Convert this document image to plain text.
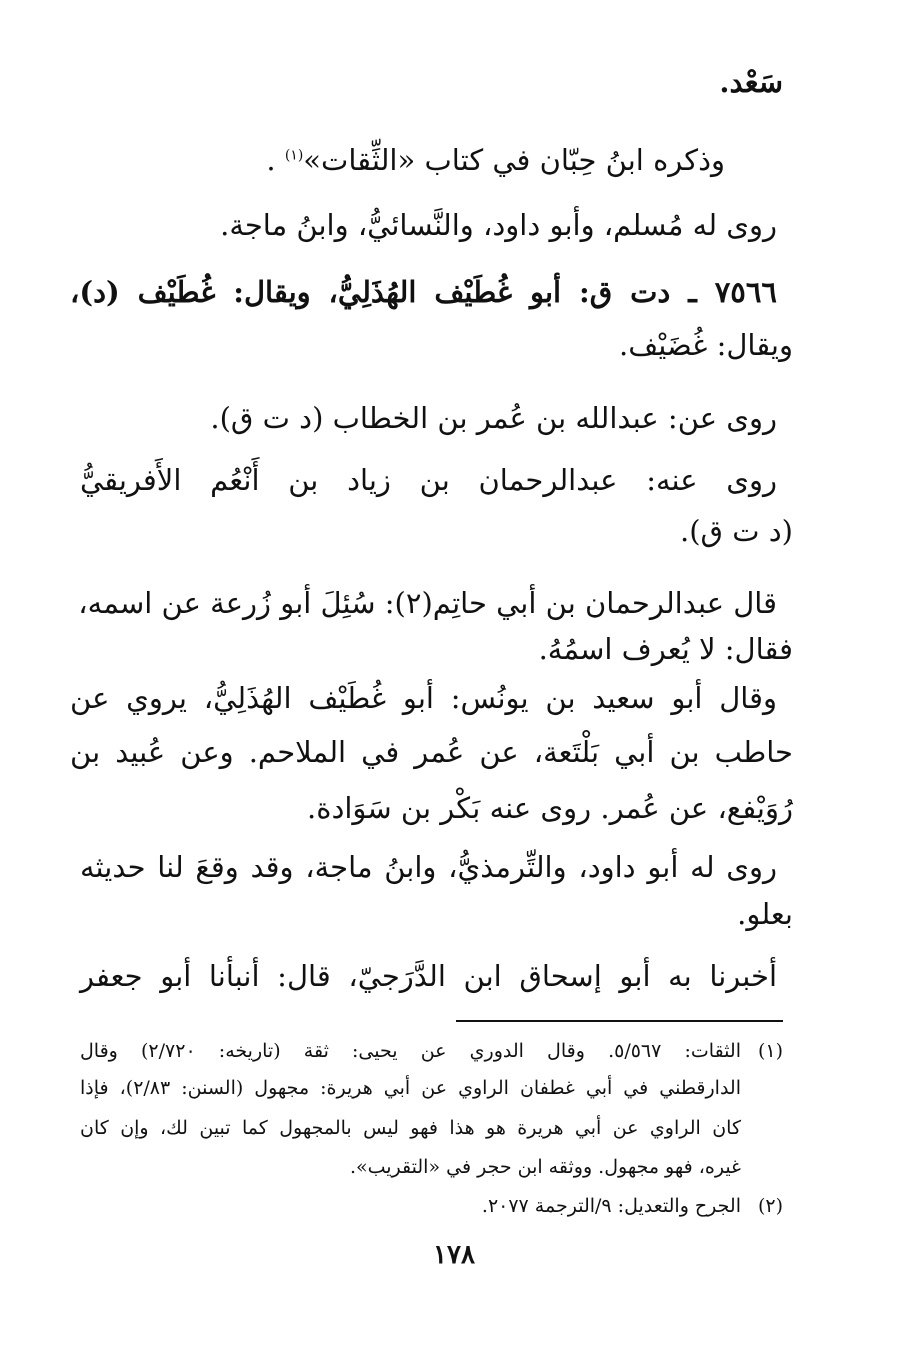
سَعْد.
وذكره ابنُ حِبّان في كتاب «الثِّقات»$^{(١)}$ .
روى له مُسلم، وأبو داود، والنَّسائيُّ، وابنُ ماجة.
٧٥٦٦ ـ دت ق: أبو غُطَيْف الهُذَلِيُّ، ويقال: غُطَيْف (د)،
ويقال: غُضَيْف.
روى عن: عبدالله بن عُمر بن الخطاب (د ت ق).
روى عنه: عبدالرحمان بن زياد بن أَنْعُم الأَفريقيُّ
(د ت ق).
قال عبدالرحمان بن أبي حاتِم(٢): سُئِلَ أبو زُرعة عن اسمه،
فقال: لا يُعرف اسمُهُ.
وقال أبو سعيد بن يونُس: أبو غُطَيْف الهُذَلِيُّ، يروي عن
حاطب بن أبي بَلْتَعة، عن عُمر في الملاحم. وعن عُبيد بن
رُوَيْفع، عن عُمر. روى عنه بَكْر بن سَوَادة.
روى له أبو داود، والتِّرمذيُّ، وابنُ ماجة، وقد وقعَ لنا حديثه
بعلو.
أخبرنا به أبو إسحاق ابن الدَّرَجيّ، قال: أنبأنا أبو جعفر
(١)
الثقات: ٥/٥٦٧. وقال الدوري عن يحيى: ثقة (تاريخه: ٢/٧٢٠) وقال
الدارقطني في أبي غطفان الراوي عن أبي هريرة: مجهول (السنن: ٢/٨٣)، فإذا
كان الراوي عن أبي هريرة هو هذا فهو ليس بالمجهول كما تبين لك، وإن كان
غيره، فهو مجهول. ووثقه ابن حجر في «التقريب».
(٢)
الجرح والتعديل: ٩/الترجمة ٢٠٧٧.
١٧٨
